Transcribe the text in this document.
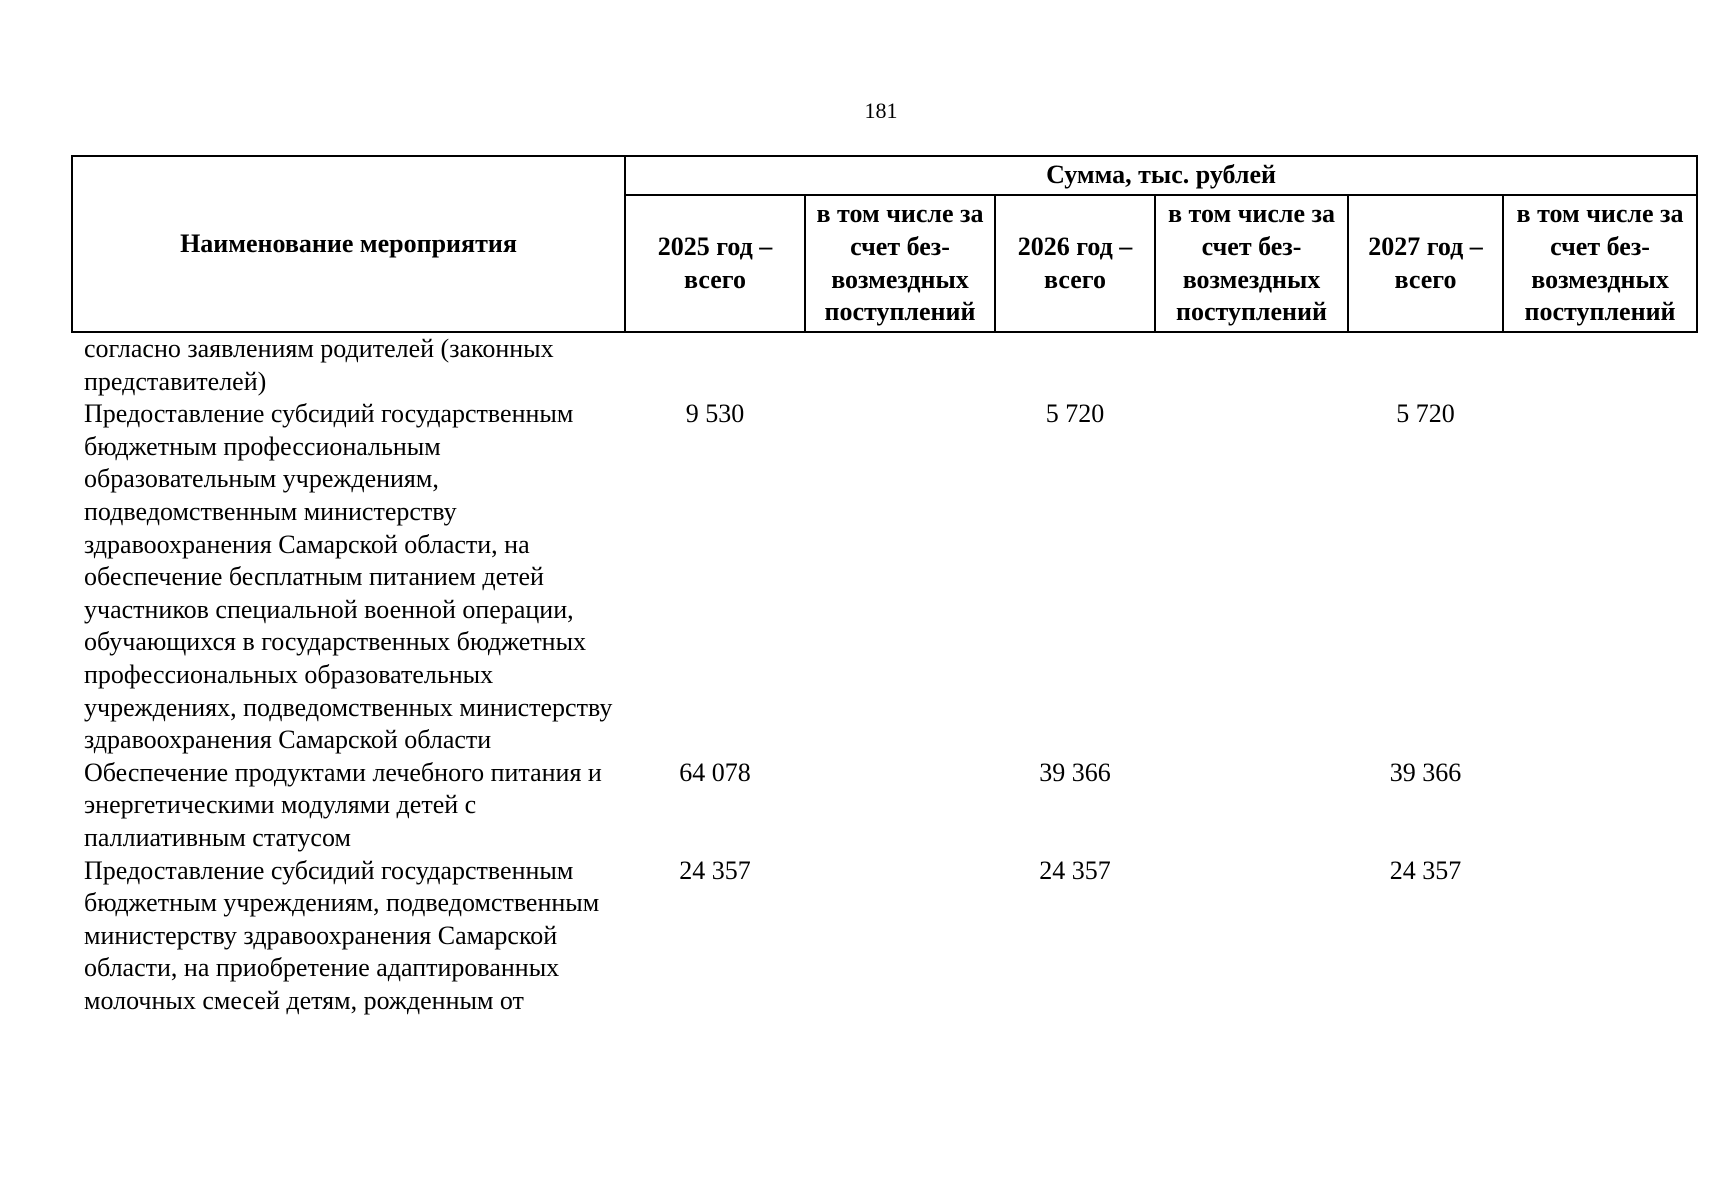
181
Наименование мероприятия	Сумма, тыс. рублей					
	2025 год – всего	в том числе за счет без-возмездных поступлений	2026 год – всего	в том числе за счет без-возмездных поступлений	2027 год – всего	в том числе за счет без-возмездных поступлений
согласно заявлениям родителей (законных представителей)						
Предоставление субсидий государственным бюджетным профессиональным образовательным учреждениям, подведомственным министерству здравоохранения Самарской области, на обеспечение бесплатным питанием детей участников специальной военной операции, обучающихся в государственных бюджетных профессиональных образовательных учреждениях, подведомственных министерству здравоохранения Самарской области	9 530		5 720		5 720	
Обеспечение продуктами лечебного питания и энергетическими модулями детей с паллиативным статусом	64 078		39 366		39 366	
Предоставление субсидий государственным бюджетным учреждениям, подведомственным министерству здравоохранения Самарской области, на приобретение адаптированных молочных смесей детям, рожденным от	24 357		24 357		24 357	
